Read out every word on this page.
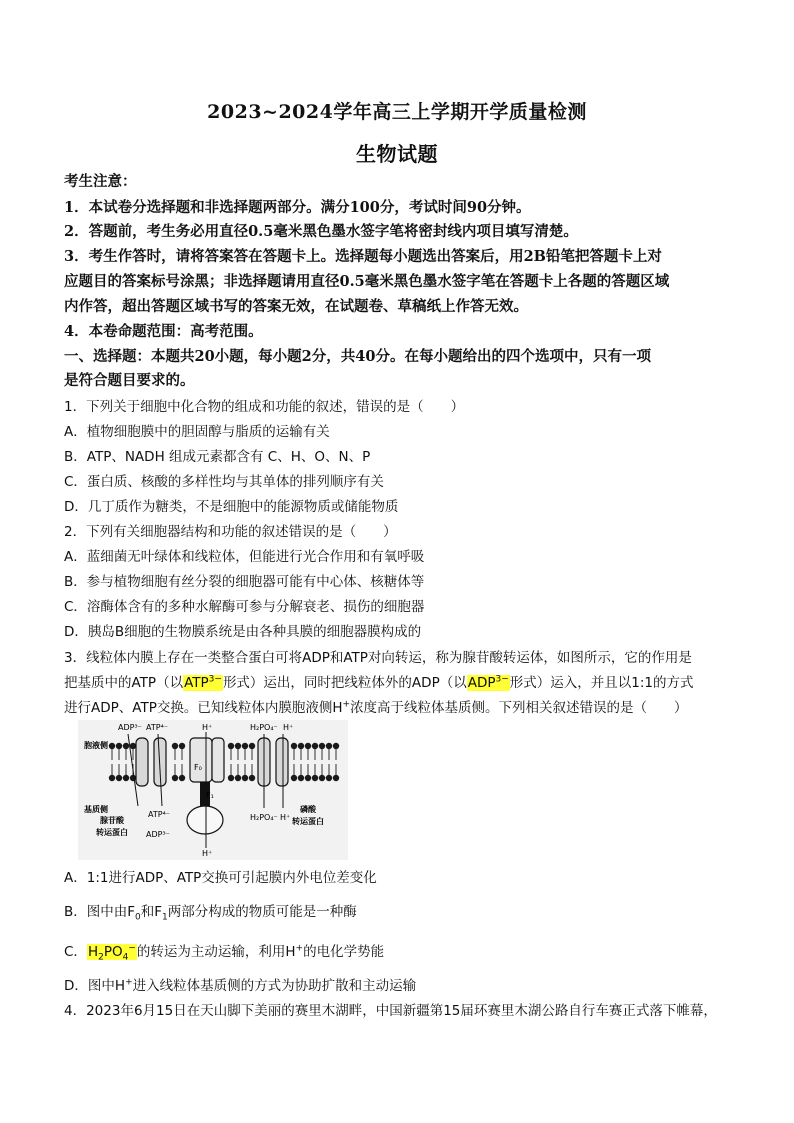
2023~2024学年高三上学期开学质量检测
生物试题
考生注意：
1．本试卷分选择题和非选择题两部分。满分100分，考试时间90分钟。
2．答题前，考生务必用直径0.5毫米黑色墨水签字笔将密封线内项目填写清楚。
3．考生作答时，请将答案答在答题卡上。选择题每小题选出答案后，用2B铅笔把答题卡上对
应题目的答案标号涂黑；非选择题请用直径0.5毫米黑色墨水签字笔在答题卡上各题的答题区域
内作答，超出答题区域书写的答案无效，在试题卷、草稿纸上作答无效。
4．本卷命题范围：高考范围。
一、选择题：本题共20小题，每小题2分，共40分。在每小题给出的四个选项中，只有一项
是符合题目要求的。
1．下列关于细胞中化合物的组成和功能的叙述，错误的是（　　）
A．植物细胞膜中的胆固醇与脂质的运输有关
B．ATP、NADH 组成元素都含有 C、H、O、N、P
C．蛋白质、核酸的多样性均与其单体的排列顺序有关
D．几丁质作为糖类，不是细胞中的能源物质或储能物质
2．下列有关细胞器结构和功能的叙述错误的是（　　）
A．蓝细菌无叶绿体和线粒体，但能进行光合作用和有氧呼吸
B．参与植物细胞有丝分裂的细胞器可能有中心体、核糖体等
C．溶酶体含有的多种水解酶可参与分解衰老、损伤的细胞器
D．胰岛B细胞的生物膜系统是由各种具膜的细胞器膜构成的
3．线粒体内膜上存在一类整合蛋白可将ADP和ATP对向转运，称为腺苷酸转运体，如图所示，它的作用是
把基质中的ATP（以$ATP^{3-}$形式）运出，同时把线粒体外的ADP（以$ADP^{3-}$形式）运入，并且以1:1的方式
进行ADP、ATP交换。已知线粒体内膜胞液侧H+浓度高于线粒体基质侧。下列相关叙述错误的是（　　）
胞液侧
基质侧
腺苷酸
转运蛋白
磷酸
转运蛋白
ADP³⁻ ATP⁴⁻	H⁺	H₂PO₄⁻ H⁺
ATP⁴⁻
ADP³⁻
H₂PO₄⁻ H⁺
H⁺
F₀
F₁
A．1:1进行ADP、ATP交换可引起膜内外电位差变化
B．图中由$F_0$和$F_1$两部分构成的物质可能是一种酶
C．$H_2PO_4^-$的转运为主动运输，利用H+的电化学势能
D．图中H+进入线粒体基质侧的方式为协助扩散和主动运输
4．2023年6月15日在天山脚下美丽的赛里木湖畔，中国新疆第15届环赛里木湖公路自行车赛正式落下帷幕，
